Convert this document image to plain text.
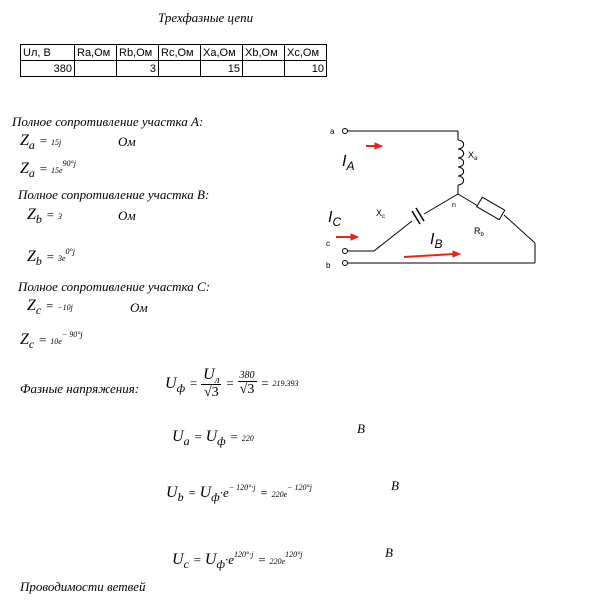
Трехфазные цепи
Uл, В	Ra,Ом	Rb,Ом	Rc,Ом	Xa,Ом	Xb,Ом	Xc,Ом
380		3		15		10
Полное сопротивление участка А:
$Z_a = 15j$	Ом
$Z_a = 15e^{90^\circ j}$
Полное сопротивление участка В:
$Z_b = 3$	Ом
$Z_b = 3e^{0^\circ j}$
Полное сопротивление участка С:
$Z_c = -10j$	Ом
$Z_c = 10e^{- 90^\circ j}$
Фазные напряжения: $U_ф = \frac{U_л}{√3} = \frac{380}{√3} = 219.393$
$U_a = U_ф = 220$
В
$U_b = U_ф\cdot e^{- 120^\circ\cdot j} = 220e^{- 120^\circ j}$	В
$U_c = U_ф\cdot e^{120^\circ\cdot j} = 220e^{120^\circ j}$	В
Проводимости ветвей
a
c
b
n
$X_a$
$X_c$
$R_b$
$I_A$
$I_B$
$I_C$
